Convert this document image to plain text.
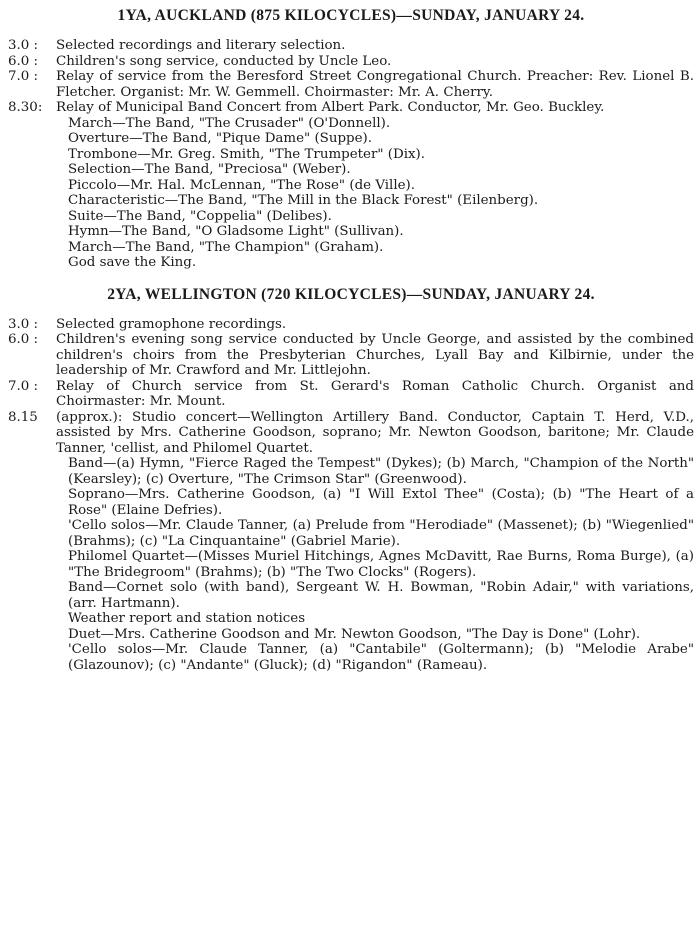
1YA, AUCKLAND (875 KILOCYCLES)—SUNDAY, JANUARY 24.
3.0 :	Selected recordings and literary selection.
6.0 :	Children's song service, conducted by Uncle Leo.
7.0 :	Relay of service from the Beresford Street Congregational Church. Preacher: Rev. Lionel B. Fletcher. Organist: Mr. W. Gemmell. Choirmaster: Mr. A. Cherry.
8.30:	Relay of Municipal Band Concert from Albert Park. Conductor, Mr. Geo. Buckley.
March—The Band, "The Crusader" (O'Donnell).
Overture—The Band, "Pique Dame" (Suppe).
Trombone—Mr. Greg. Smith, "The Trumpeter" (Dix).
Selection—The Band, "Preciosa" (Weber).
Piccolo—Mr. Hal. McLennan, "The Rose" (de Ville).
Characteristic—The Band, "The Mill in the Black Forest" (Eilenberg).
Suite—The Band, "Coppelia" (Delibes).
Hymn—The Band, "O Gladsome Light" (Sullivan).
March—The Band, "The Champion" (Graham).
God save the King.
2YA, WELLINGTON (720 KILOCYCLES)—SUNDAY, JANUARY 24.
3.0 :	Selected gramophone recordings.
6.0 :	Children's evening song service conducted by Uncle George, and assisted by the combined children's choirs from the Presbyterian Churches, Lyall Bay and Kilbirnie, under the leadership of Mr. Crawford and Mr. Littlejohn.
7.0 :	Relay of Church service from St. Gerard's Roman Catholic Church. Organist and Choirmaster: Mr. Mount.
8.15	(approx.): Studio concert—Wellington Artillery Band. Conductor, Captain T. Herd, V.D., assisted by Mrs. Catherine Goodson, soprano; Mr. Newton Goodson, baritone; Mr. Claude Tanner, 'cellist, and Philomel Quartet.
Band—(a) Hymn, "Fierce Raged the Tempest" (Dykes); (b) March, "Champion of the North" (Kearsley); (c) Overture, "The Crimson Star" (Greenwood).
Soprano—Mrs. Catherine Goodson, (a) "I Will Extol Thee" (Costa); (b) "The Heart of a Rose" (Elaine Defries).
'Cello solos—Mr. Claude Tanner, (a) Prelude from "Herodiade" (Massenet); (b) "Wiegenlied" (Brahms); (c) "La Cinquantaine" (Gabriel Marie).
Philomel Quartet—(Misses Muriel Hitchings, Agnes McDavitt, Rae Burns, Roma Burge), (a) "The Bridegroom" (Brahms); (b) "The Two Clocks" (Rogers).
Band—Cornet solo (with band), Sergeant W. H. Bowman, "Robin Adair," with variations, (arr. Hartmann).
Weather report and station notices
Duet—Mrs. Catherine Goodson and Mr. Newton Goodson, "The Day is Done" (Lohr).
'Cello solos—Mr. Claude Tanner, (a) "Cantabile" (Goltermann); (b) "Melodie Arabe" (Glazounov); (c) "Andante" (Gluck); (d) "Rigandon" (Rameau).
